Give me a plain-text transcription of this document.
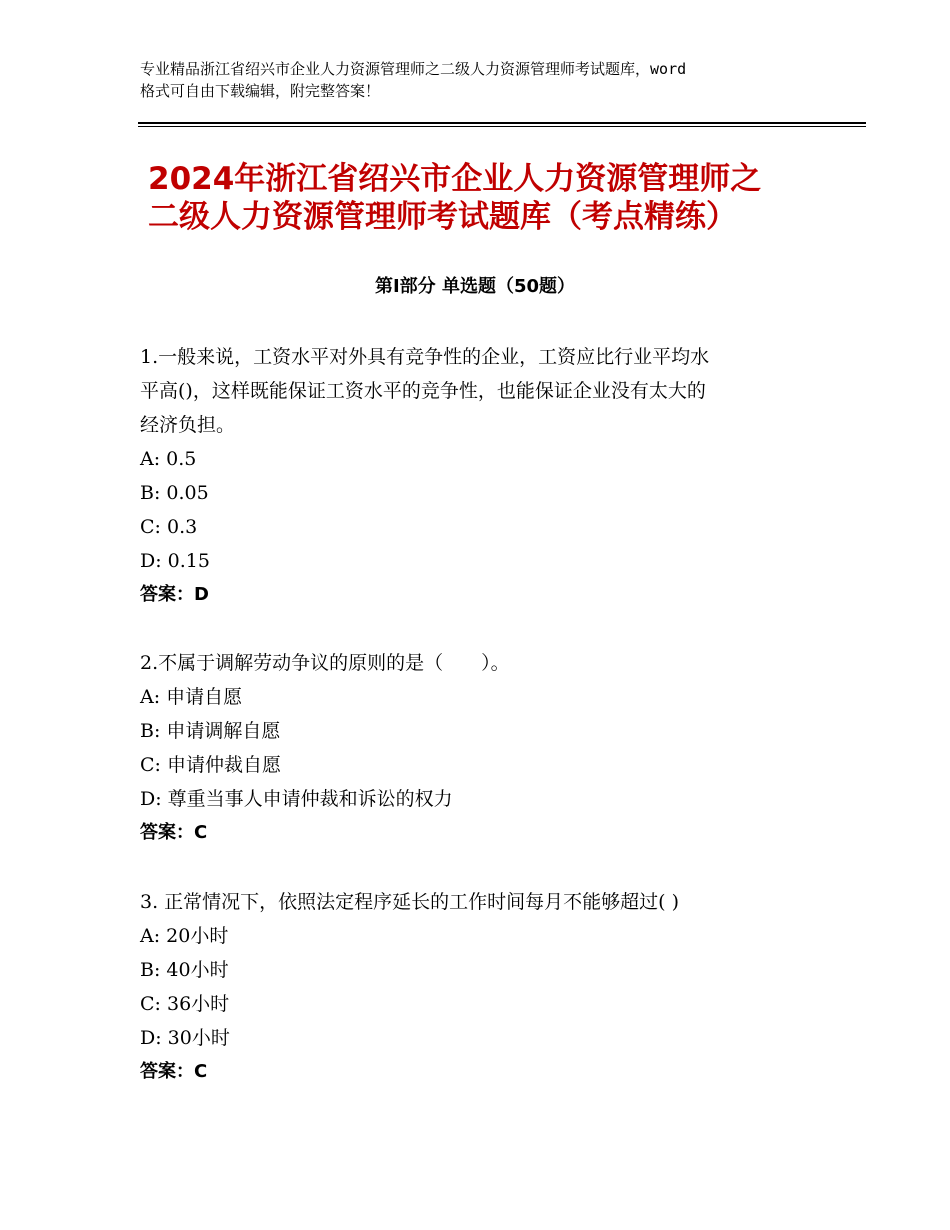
专业精品浙江省绍兴市企业人力资源管理师之二级人力资源管理师考试题库，word
格式可自由下载编辑，附完整答案！
2024年浙江省绍兴市企业人力资源管理师之
二级人力资源管理师考试题库（考点精练）
第Ⅰ部分 单选题（50题）
1.一般来说，工资水平对外具有竞争性的企业，工资应比行业平均水
平高()，这样既能保证工资水平的竞争性，也能保证企业没有太大的
经济负担。
A: 0.5
B: 0.05
C: 0.3
D: 0.15
答案：D
2.不属于调解劳动争议的原则的是（　　）。
A: 申请自愿
B: 申请调解自愿
C: 申请仲裁自愿
D: 尊重当事人申请仲裁和诉讼的权力
答案：C
3. 正常情况下，依照法定程序延长的工作时间每月不能够超过( )
A: 20小时
B: 40小时
C: 36小时
D: 30小时
答案：C
